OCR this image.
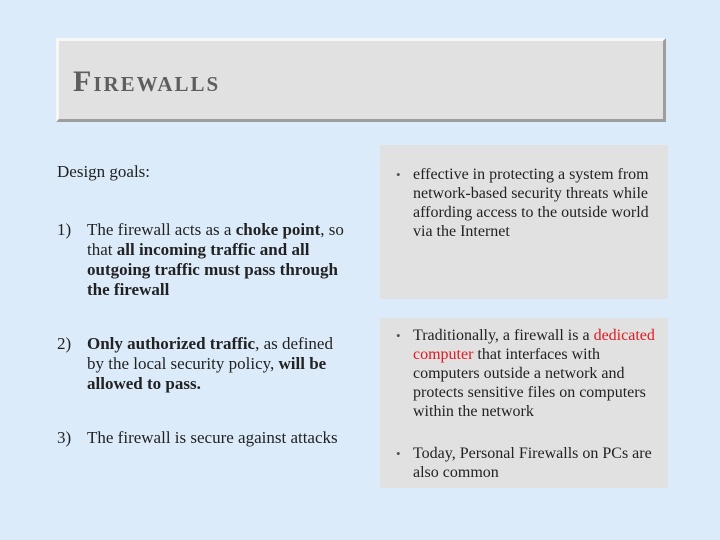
Firewalls
Design goals:
1) The firewall acts as a choke point, so that all incoming traffic and all outgoing traffic must pass through the firewall
2) Only authorized traffic, as defined by the local security policy, will be allowed to pass.
3) The firewall is secure against attacks
• effective in protecting a system from network-based security threats while affording access to the outside world via the Internet
• Traditionally, a firewall is a dedicated computer that interfaces with computers outside a network and protects sensitive files on computers within the network
• Today, Personal Firewalls on PCs are also common
